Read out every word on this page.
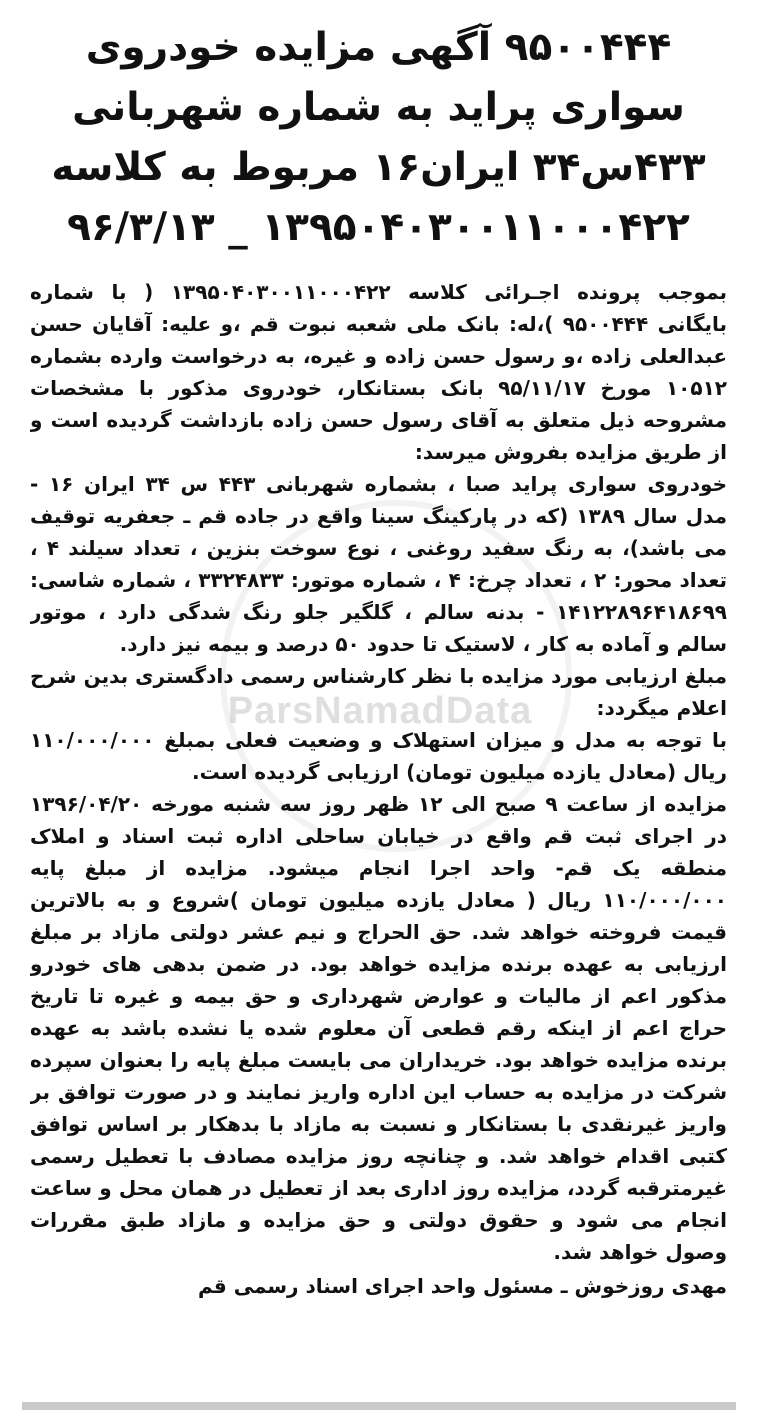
ParsNamadData
۹۵۰۰۴۴۴ آگهی مزایده خودروی
سواری پراید به شماره شهربانی
۴۳۳س۳۴ ایران۱۶ مربوط به کلاسه
۱۳۹۵۰۴۰۳۰۰۱۱۰۰۰۴۲۲ _ ۹۶/۳/۱۳

بموجب پرونده اجـرائی کلاسه ۱۳۹۵۰۴۰۳۰۰۱۱۰۰۰۴۲۲ ( با شماره بایگانی ۹۵۰۰۴۴۴ )،له: بانک ملی شعبه نبوت قم ،و علیه: آقایان حسن عبدالعلی زاده ،و رسول حسن زاده و غیره، به درخواست وارده بشماره ۱۰۵۱۲ مورخ ۹۵/۱۱/۱۷ بانک بستانکار، خودروی مذکور با مشخصات مشروحه ذیل متعلق به آقای رسول حسن زاده بازداشت گردیده است و از طریق مزایده بفروش میرسد:

خودروی سواری پراید صبا ، بشماره شهربانی ۴۴۳ س ۳۴ ایران ۱۶ - مدل سال ۱۳۸۹ (که در پارکینگ سینا واقع در جاده قم ـ جعفریه توقیف می باشد)، به رنگ سفید روغنی ، نوع سوخت بنزین ، تعداد سیلند ۴ ، تعداد محور: ۲ ، تعداد چرخ: ۴ ، شماره موتور: ۳۳۲۴۸۳۳ ، شماره شاسی: ۱۴۱۲۲۸۹۶۴۱۸۶۹۹ - بدنه سالم ، گلگیر جلو رنگ شدگی دارد ، موتور سالم و آماده به کار ، لاستیک تا حدود ۵۰ درصد و بیمه نیز دارد.

مبلغ ارزیابی مورد مزایده با نظر کارشناس رسمی دادگستری بدین شرح اعلام میگردد:

با توجه به مدل و میزان استهلاک و وضعیت فعلی بمبلغ ۱۱۰/۰۰۰/۰۰۰ ریال (معادل یازده میلیون تومان) ارزیابی گردیده است.

مزایده از ساعت ۹ صبح الی ۱۲ ظهر روز سه شنبه مورخه ۱۳۹۶/۰۴/۲۰ در اجرای ثبت قم واقع در خیابان ساحلی اداره ثبت اسناد و املاک منطقه یک قم- واحد اجرا انجام میشود. مزایده از مبلغ پایه ۱۱۰/۰۰۰/۰۰۰ ریال ( معادل یازده میلیون تومان )شروع و به بالاترین قیمت فروخته خواهد شد. حق الحراج و نیم عشر دولتی مازاد بر مبلغ ارزیابی به عهده برنده مزایده خواهد بود. در ضمن بدهی های خودرو مذکور اعم از مالیات و عوارض شهرداری و حق بیمه و غیره تا تاریخ حراج اعم از اینکه رقم قطعی آن معلوم شده یا نشده باشد به عهده برنده مزایده خواهد بود. خریداران می بایست مبلغ پایه را بعنوان سپرده شرکت در مزایده به حساب این اداره واریز نمایند و در صورت توافق بر واریز غیرنقدی با بستانکار و نسبت به مازاد با بدهکار بر اساس توافق کتبی اقدام خواهد شد. و چنانچه روز مزایده مصادف با تعطیل رسمی غیرمترقبه گردد، مزایده روز اداری بعد از تعطیل در همان محل و ساعت انجام می شود و حقوق دولتی و حق مزایده و مازاد طبق مقررات وصول خواهد شد.

مهدی روزخوش ـ مسئول واحد اجرای اسناد رسمی قم
